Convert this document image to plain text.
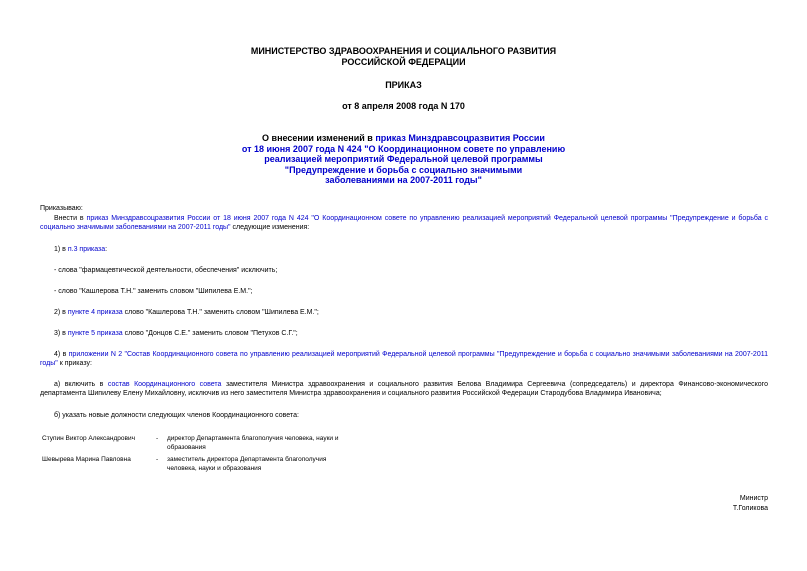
МИНИСТЕРСТВО ЗДРАВООХРАНЕНИЯ И СОЦИАЛЬНОГО РАЗВИТИЯ
РОССИЙСКОЙ ФЕДЕРАЦИИ
ПРИКАЗ
от 8 апреля 2008 года N 170
О внесении изменений в приказ Минздравсоцразвития России
от 18 июня 2007 года N 424 "О Координационном совете по управлению
реализацией мероприятий Федеральной целевой программы
"Предупреждение и борьба с социально значимыми
заболеваниями на 2007-2011 годы"
Приказываю:
Внести в приказ Минздравсоцразвития России от 18 июня 2007 года N 424 "О Координационном совете по управлению реализацией мероприятий Федеральной целевой программы "Предупреждение и борьба с социально значимыми заболеваниями на 2007-2011 годы" следующие изменения:
1) в п.3 приказа:
- слова "фармацевтической деятельности, обеспечения" исключить;
- слово "Кашлерова Т.Н." заменить словом "Шипилева Е.М.";
2) в пункте 4 приказа слово "Кашлерова Т.Н." заменить словом "Шипилева Е.М.";
3) в пункте 5 приказа слово "Донцов С.Е." заменить словом "Петухов С.Г.";
4) в приложении N 2 "Состав Координационного совета по управлению реализацией мероприятий Федеральной целевой программы "Предупреждение и борьба с социально значимыми заболеваниями на 2007-2011 годы" к приказу:
а) включить в состав Координационного совета заместителя Министра здравоохранения и социального развития Белова Владимира Сергеевича (сопредседатель) и директора Финансово-экономического департамента Шипилеву Елену Михайловну, исключив из него заместителя Министра здравоохранения и социального развития Российской Федерации Стародубова Владимира Ивановича;
б) указать новые должности следующих членов Координационного совета:
Ступин Виктор Александрович	-	директор Департамента благополучия человека, науки и образования
Шевырева Марина Павловна	-	заместитель директора Департамента благополучия человека, науки и образования
Министр
Т.Голикова
